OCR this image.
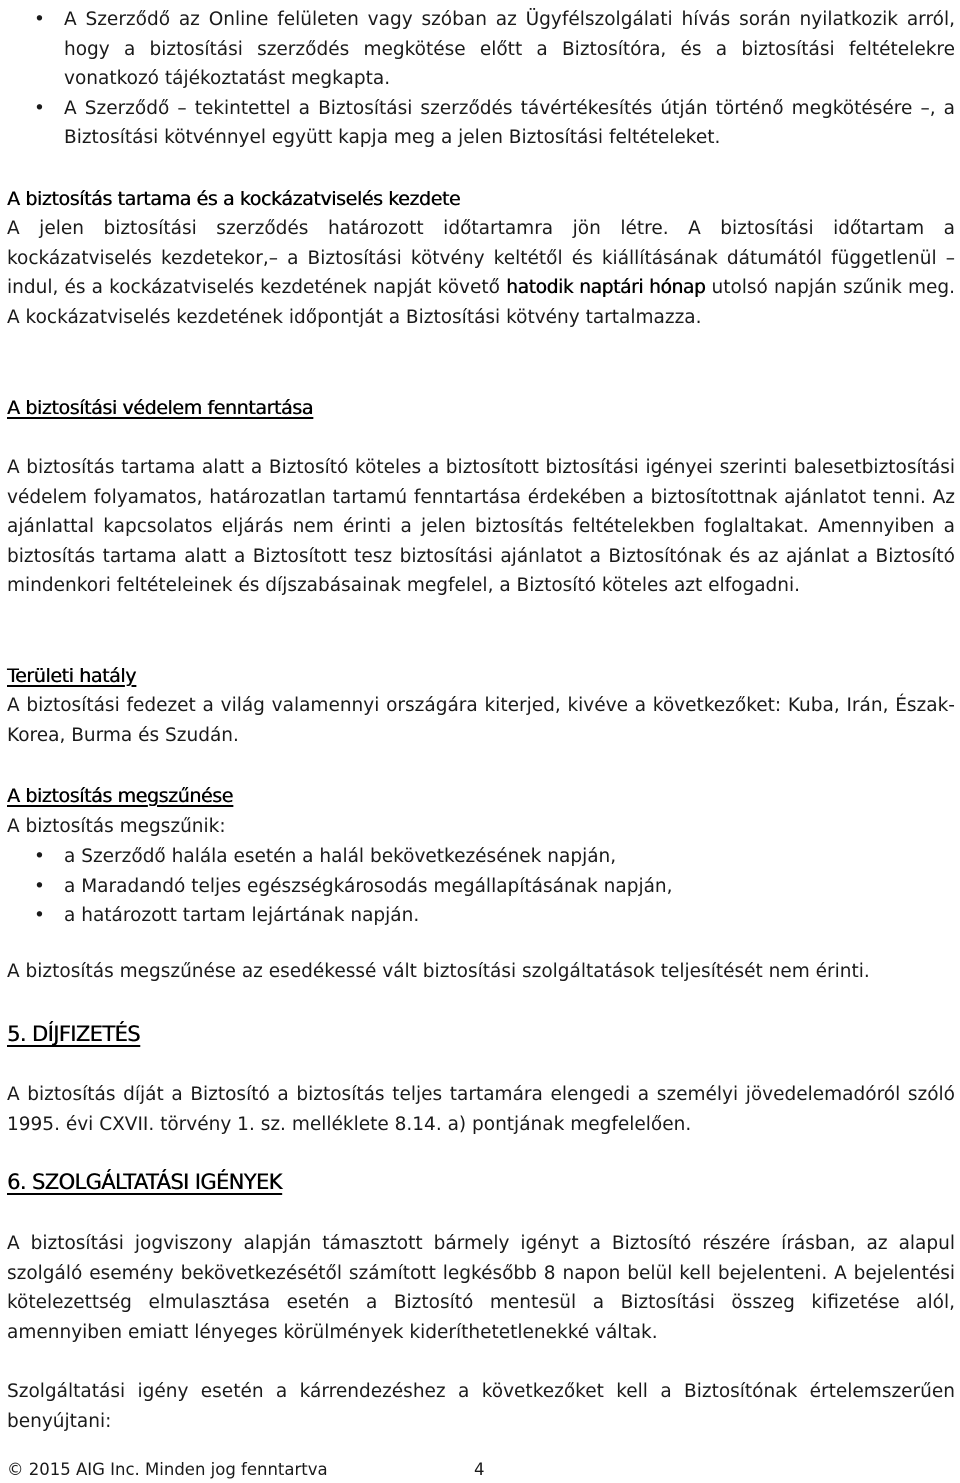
• A Szerződő az Online felületen vagy szóban az Ügyfélszolgálati hívás során nyilatkozik arról, hogy a biztosítási szerződés megkötése előtt a Biztosítóra, és a biztosítási feltételekre vonatkozó tájékoztatást megkapta.
• A Szerződő – tekintettel a Biztosítási szerződés távértékesítés útján történő megkötésére –, a Biztosítási kötvénnyel együtt kapja meg a jelen Biztosítási feltételeket.
A biztosítás tartama és a kockázatviselés kezdete

A jelen biztosítási szerződés határozott időtartamra jön létre. A biztosítási időtartam a kockázatviselés kezdetekor,– a Biztosítási kötvény keltétől és kiállításának dátumától függetlenül –indul, és a kockázatviselés kezdetének napját követő hatodik naptári hónap utolsó napján szűnik meg. A kockázatviselés kezdetének időpontját a Biztosítási kötvény tartalmazza.

A biztosítási védelem fenntartása

A biztosítás tartama alatt a Biztosító köteles a biztosított biztosítási igényei szerinti balesetbiztosítási védelem folyamatos, határozatlan tartamú fenntartása érdekében a biztosítottnak ajánlatot tenni. Az ajánlattal kapcsolatos eljárás nem érinti a jelen biztosítás feltételekben foglaltakat. Amennyiben a biztosítás tartama alatt a Biztosított tesz biztosítási ajánlatot a Biztosítónak és az ajánlat a Biztosító mindenkori feltételeinek és díjszabásainak megfelel, a Biztosító köteles azt elfogadni.

Területi hatály

A biztosítási fedezet a világ valamennyi országára kiterjed, kivéve a következőket: Kuba, Irán, Észak-Korea, Burma és Szudán.

A biztosítás megszűnése

A biztosítás megszűnik:

• a Szerződő halála esetén a halál bekövetkezésének napján,
• a Maradandó teljes egészségkárosodás megállapításának napján,
• a határozott tartam lejártának napján.

A biztosítás megszűnése az esedékessé vált biztosítási szolgáltatások teljesítését nem érinti.

5. DÍJFIZETÉS

A biztosítás díját a Biztosító a biztosítás teljes tartamára elengedi a személyi jövedelemadóról szóló 1995. évi CXVII. törvény 1. sz. melléklete 8.14. a) pontjának megfelelően.

6. SZOLGÁLTATÁSI IGÉNYEK

A biztosítási jogviszony alapján támasztott bármely igényt a Biztosító részére írásban, az alapul szolgáló esemény bekövetkezésétől számított legkésőbb 8 napon belül kell bejelenteni. A bejelentési kötelezettség elmulasztása esetén a Biztosító mentesül a Biztosítási összeg kifizetése alól, amennyiben emiatt lényeges körülmények kideríthetetlenekké váltak.

Szolgáltatási igény esetén a kárrendezéshez a következőket kell a Biztosítónak értelemszerűen benyújtani:

© 2015 AIG Inc. Minden jog fenntartva	4
